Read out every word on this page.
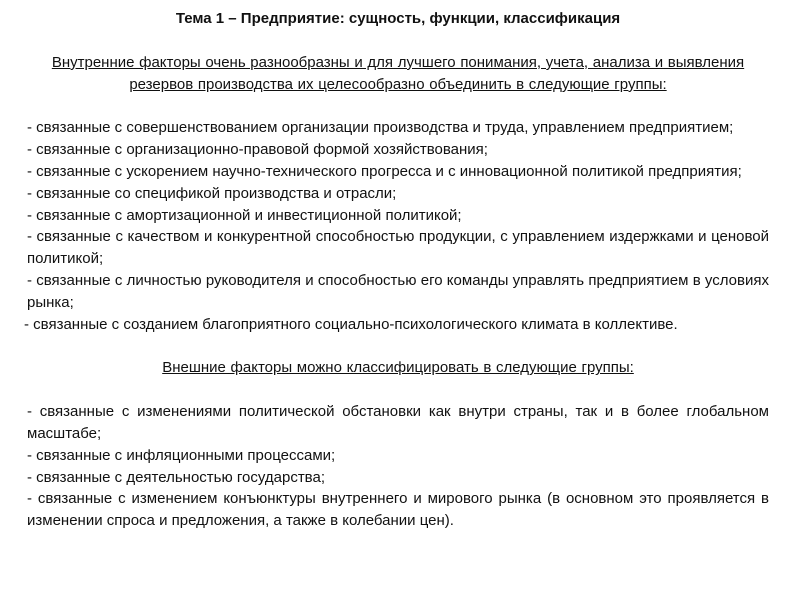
Тема 1 – Предприятие: сущность, функции, классификация
Внутренние факторы очень разнообразны и для лучшего понимания, учета, анализа и выявления резервов производства их целесообразно объединить в следующие группы:
- связанные с совершенствованием организации производства и труда, управлением предприятием;
- связанные с организационно-правовой формой хозяйствования;
- связанные с ускорением научно-технического прогресса и с инновационной политикой предприятия;
- связанные со спецификой производства и отрасли;
- связанные с амортизационной и инвестиционной политикой;
- связанные с качеством и конкурентной способностью продукции, с управлением издержками и ценовой политикой;
- связанные с личностью руководителя и способностью его команды управлять предприятием в условиях рынка;
- связанные с созданием благоприятного социально-психологического климата в коллективе.
Внешние факторы можно классифицировать в следующие группы:
- связанные с изменениями политической обстановки как внутри страны, так и в более глобальном масштабе;
- связанные с инфляционными процессами;
- связанные с деятельностью государства;
- связанные с изменением конъюнктуры внутреннего и мирового рынка (в основном это проявляется в изменении спроса и предложения, а также в колебании цен).
